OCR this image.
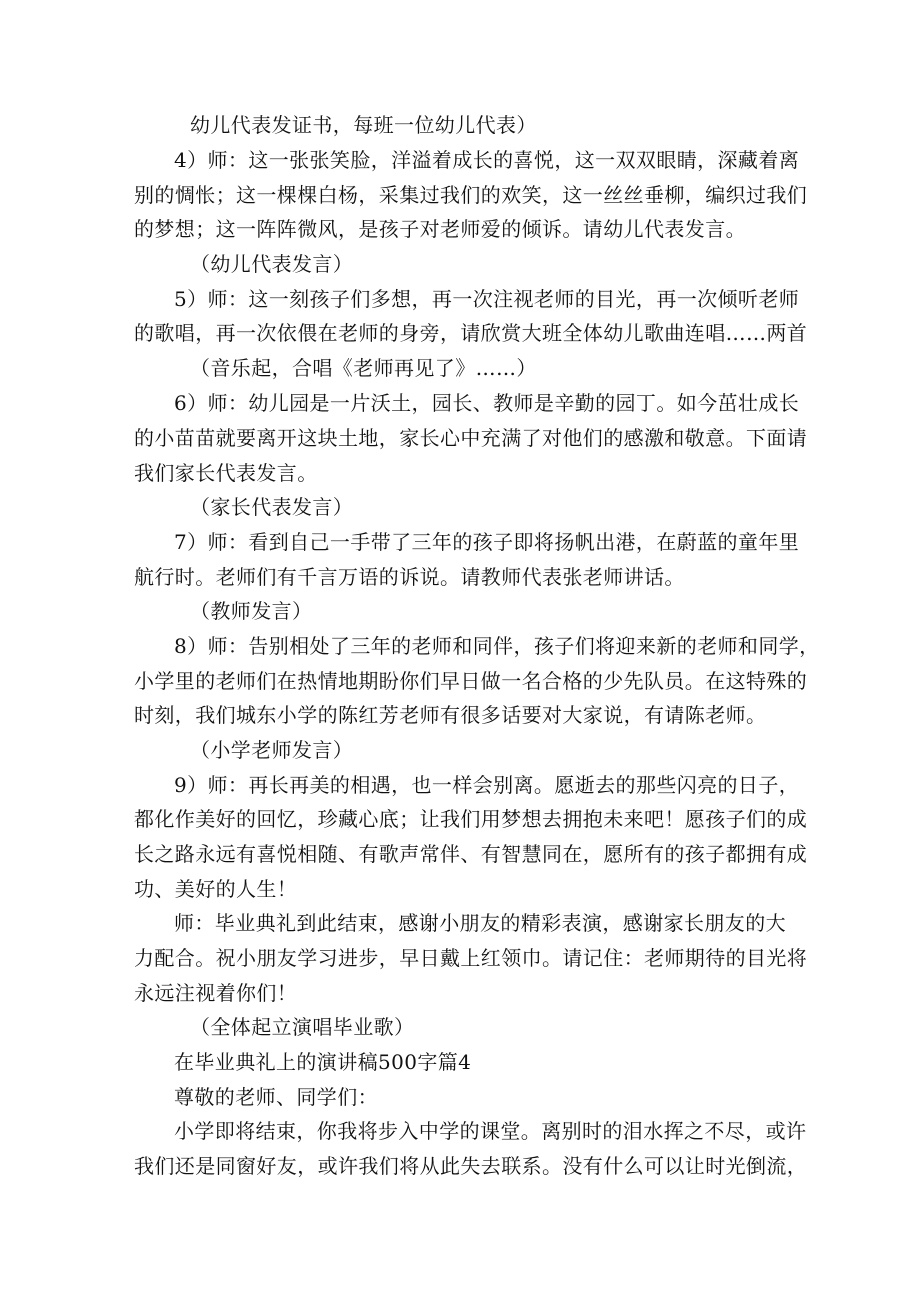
幼儿代表发证书，每班一位幼儿代表）
4）师：这一张张笑脸，洋溢着成长的喜悦，这一双双眼睛，深藏着离
别的惆怅；这一棵棵白杨，采集过我们的欢笑，这一丝丝垂柳，编织过我们
的梦想；这一阵阵微风，是孩子对老师爱的倾诉。请幼儿代表发言。
（幼儿代表发言）
5）师：这一刻孩子们多想，再一次注视老师的目光，再一次倾听老师
的歌唱，再一次依偎在老师的身旁，请欣赏大班全体幼儿歌曲连唱……两首
（音乐起，合唱《老师再见了》……）
6）师：幼儿园是一片沃土，园长、教师是辛勤的园丁。如今茁壮成长
的小苗苗就要离开这块土地，家长心中充满了对他们的感激和敬意。下面请
我们家长代表发言。
（家长代表发言）
7）师：看到自己一手带了三年的孩子即将扬帆出港，在蔚蓝的童年里
航行时。老师们有千言万语的诉说。请教师代表张老师讲话。
（教师发言）
8）师：告别相处了三年的老师和同伴，孩子们将迎来新的老师和同学，
小学里的老师们在热情地期盼你们早日做一名合格的少先队员。在这特殊的
时刻，我们城东小学的陈红芳老师有很多话要对大家说，有请陈老师。
（小学老师发言）
9）师：再长再美的相遇，也一样会别离。愿逝去的那些闪亮的日子，
都化作美好的回忆，珍藏心底；让我们用梦想去拥抱未来吧！愿孩子们的成
长之路永远有喜悦相随、有歌声常伴、有智慧同在，愿所有的孩子都拥有成
功、美好的人生！
师：毕业典礼到此结束，感谢小朋友的精彩表演，感谢家长朋友的大
力配合。祝小朋友学习进步，早日戴上红领巾。请记住：老师期待的目光将
永远注视着你们！
（全体起立演唱毕业歌）
在毕业典礼上的演讲稿500字篇4
尊敬的老师、同学们：
小学即将结束，你我将步入中学的课堂。离别时的泪水挥之不尽，或许
我们还是同窗好友，或许我们将从此失去联系。没有什么可以让时光倒流，
